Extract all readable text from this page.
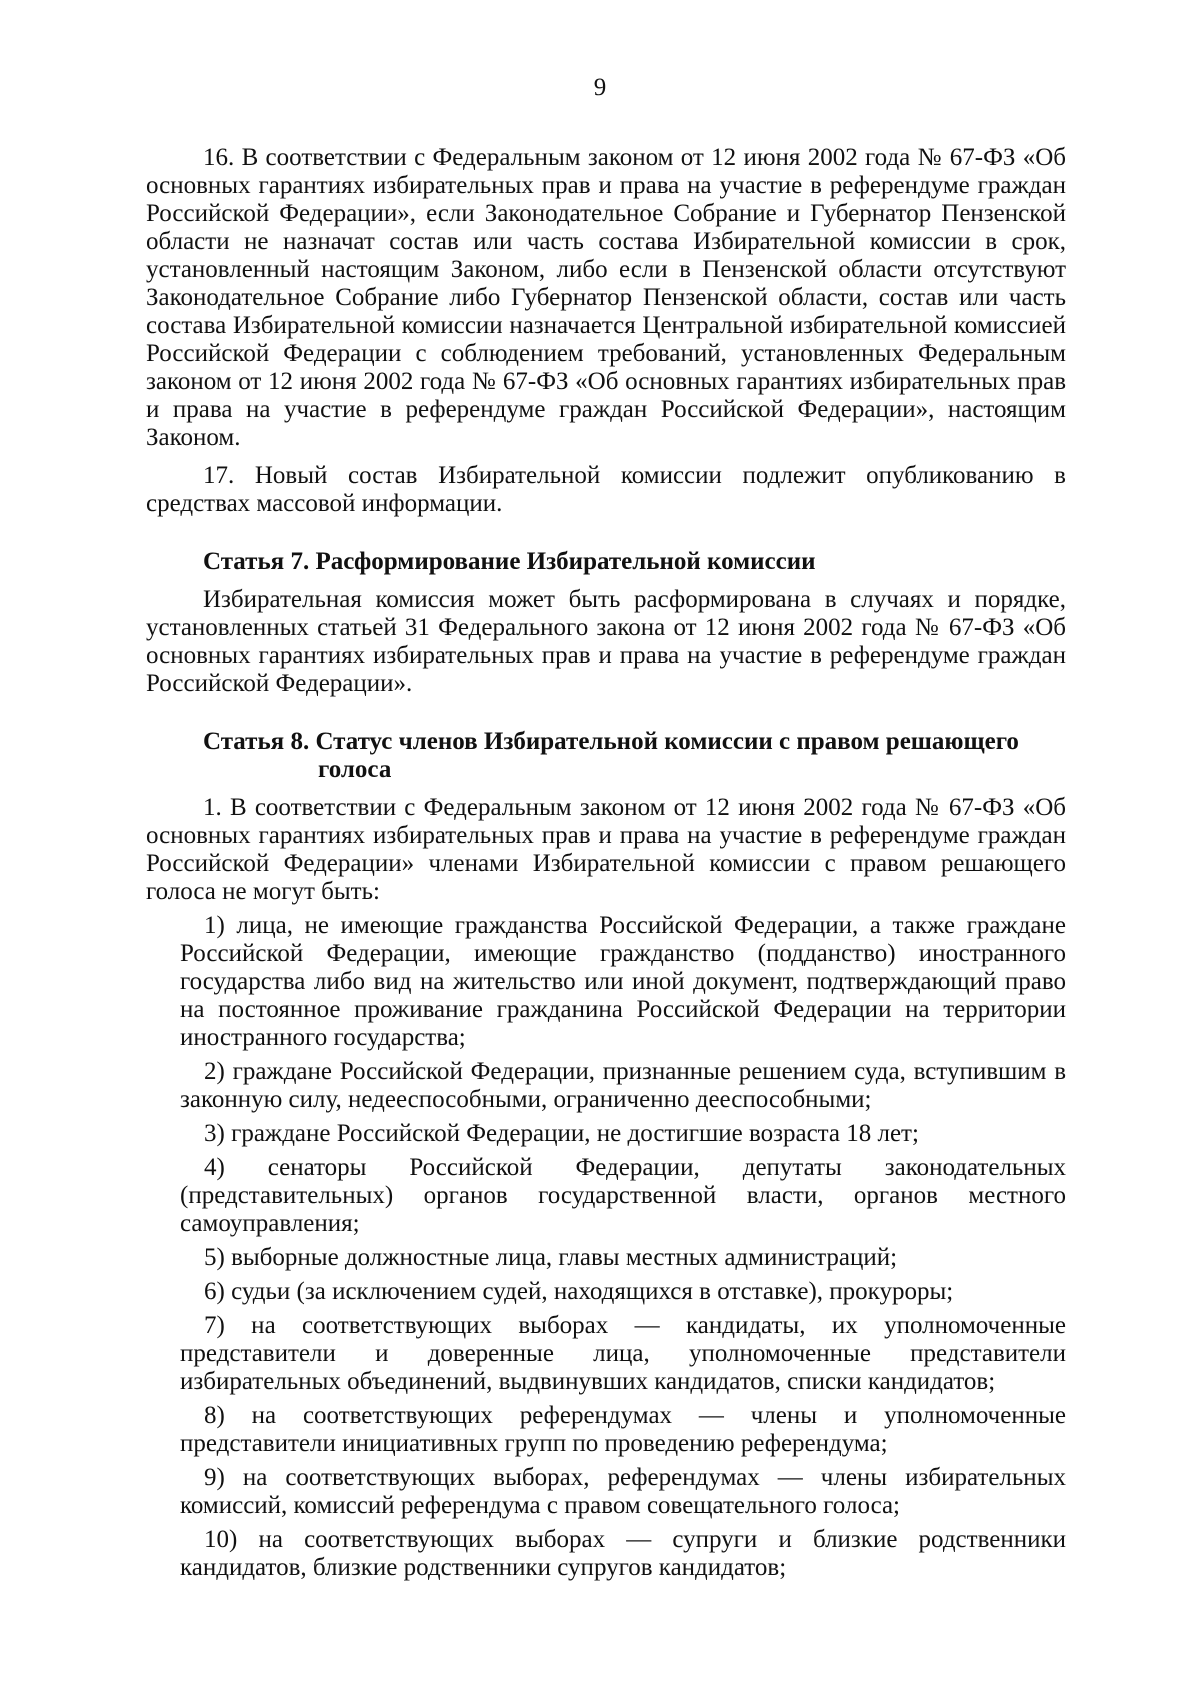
9

16. В соответствии с Федеральным законом от 12 июня 2002 года № 67-ФЗ «Об основных гарантиях избирательных прав и права на участие в референдуме граждан Российской Федерации», если Законодательное Собрание и Губернатор Пензенской области не назначат состав или часть состава Избирательной комиссии в срок, установленный настоящим Законом, либо если в Пензенской области отсутствуют Законодательное Собрание либо Губернатор Пензенской области, состав или часть состава Избирательной комиссии назначается Центральной избирательной комиссией Российской Федерации с соблюдением требований, установленных Федеральным законом от 12 июня 2002 года № 67-ФЗ «Об основных гарантиях избирательных прав и права на участие в референдуме граждан Российской Федерации», настоящим Законом.

17. Новый состав Избирательной комиссии подлежит опубликованию в средствах массовой информации.

Статья 7. Расформирование Избирательной комиссии

Избирательная комиссия может быть расформирована в случаях и порядке, установленных статьей 31 Федерального закона от 12 июня 2002 года № 67-ФЗ «Об основных гарантиях избирательных прав и права на участие в референдуме граждан Российской Федерации».

Статья 8. Статус членов Избирательной комиссии с правом решающего голоса

1. В соответствии с Федеральным законом от 12 июня 2002 года № 67-ФЗ «Об основных гарантиях избирательных прав и права на участие в референдуме граждан Российской Федерации» членами Избирательной комиссии с правом решающего голоса не могут быть:

1) лица, не имеющие гражданства Российской Федерации, а также граждане Российской Федерации, имеющие гражданство (подданство) иностранного государства либо вид на жительство или иной документ, подтверждающий право на постоянное проживание гражданина Российской Федерации на территории иностранного государства;

2) граждане Российской Федерации, признанные решением суда, вступившим в законную силу, недееспособными, ограниченно дееспособными;

3) граждане Российской Федерации, не достигшие возраста 18 лет;

4) сенаторы Российской Федерации, депутаты законодательных (представительных) органов государственной власти, органов местного самоуправления;

5) выборные должностные лица, главы местных администраций;

6) судьи (за исключением судей, находящихся в отставке), прокуроры;

7) на соответствующих выборах — кандидаты, их уполномоченные представители и доверенные лица, уполномоченные представители избирательных объединений, выдвинувших кандидатов, списки кандидатов;

8) на соответствующих референдумах — члены и уполномоченные представители инициативных групп по проведению референдума;

9) на соответствующих выборах, референдумах — члены избирательных комиссий, комиссий референдума с правом совещательного голоса;

10) на соответствующих выборах — супруги и близкие родственники кандидатов, близкие родственники супругов кандидатов;
